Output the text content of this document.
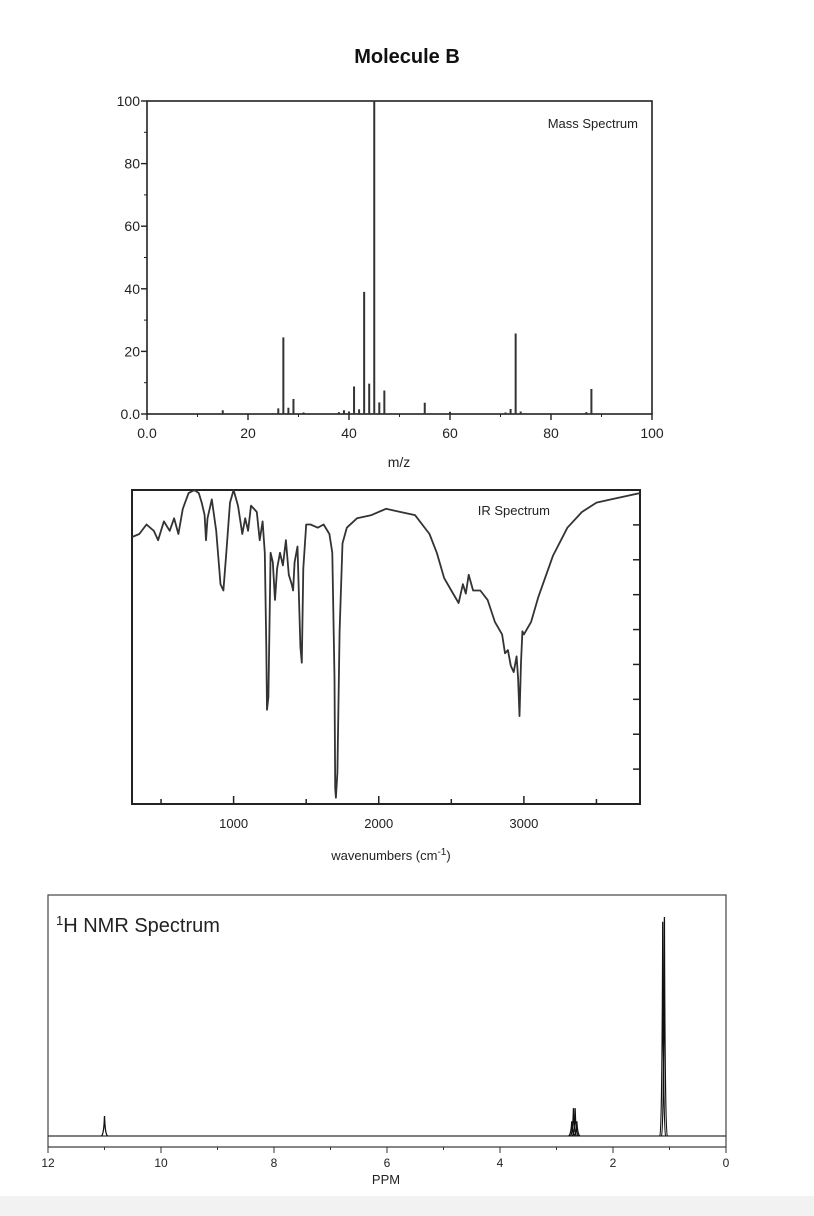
Molecule B
0.0
20
40
60
80
100
0.0	20	40	60	80	100
Mass Spectrum
m/z
1000	2000	3000
IR Spectrum
wavenumbers $(cm^{-1})$
12	10	8	6	4	2	0
$^1$H NMR Spectrum
PPM
